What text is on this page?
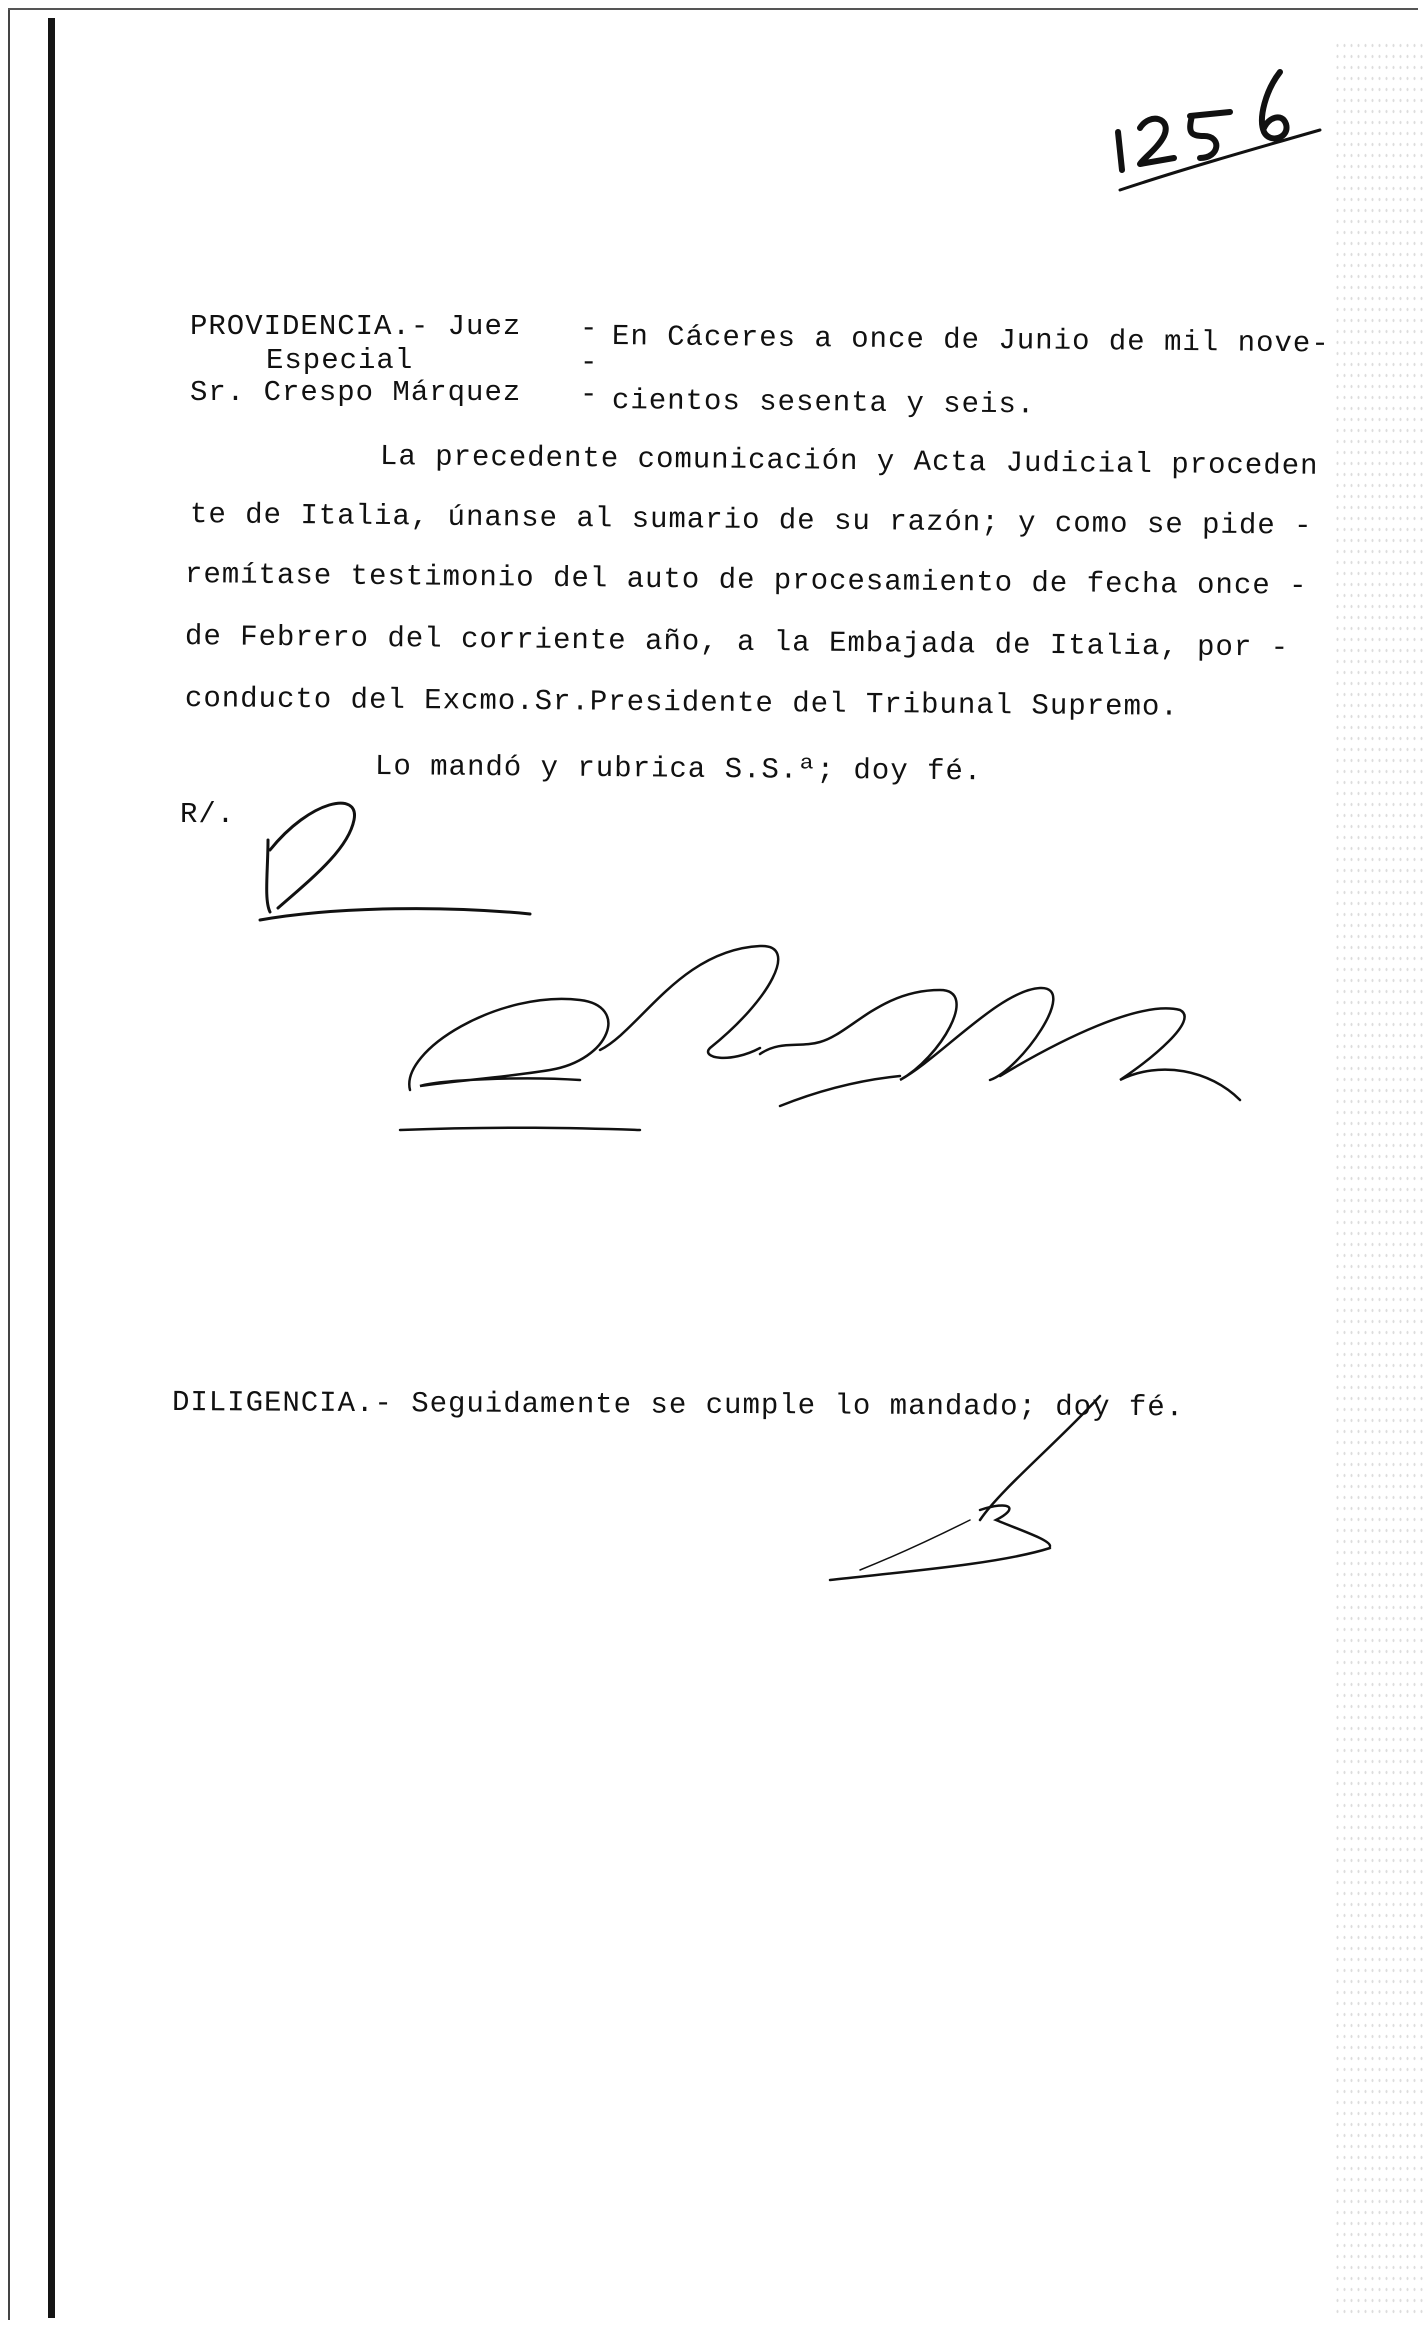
1256
PROVIDENCIA.- Juez
Especial
Sr. Crespo Márquez
-
-
-
En Cáceres a once de Junio de mil nove-
cientos sesenta y seis.
La precedente comunicación y Acta Judicial proceden
te de Italia, únanse al sumario de su razón; y como se pide -
remítase testimonio del auto de procesamiento de fecha once -
de Febrero del corriente año, a la Embajada de Italia, por -
conducto del Excmo.Sr.Presidente del Tribunal Supremo.
Lo mandó y rubrica S.S.ª; doy fé.
R/.
DILIGENCIA.- Seguidamente se cumple lo mandado; doy fé.
